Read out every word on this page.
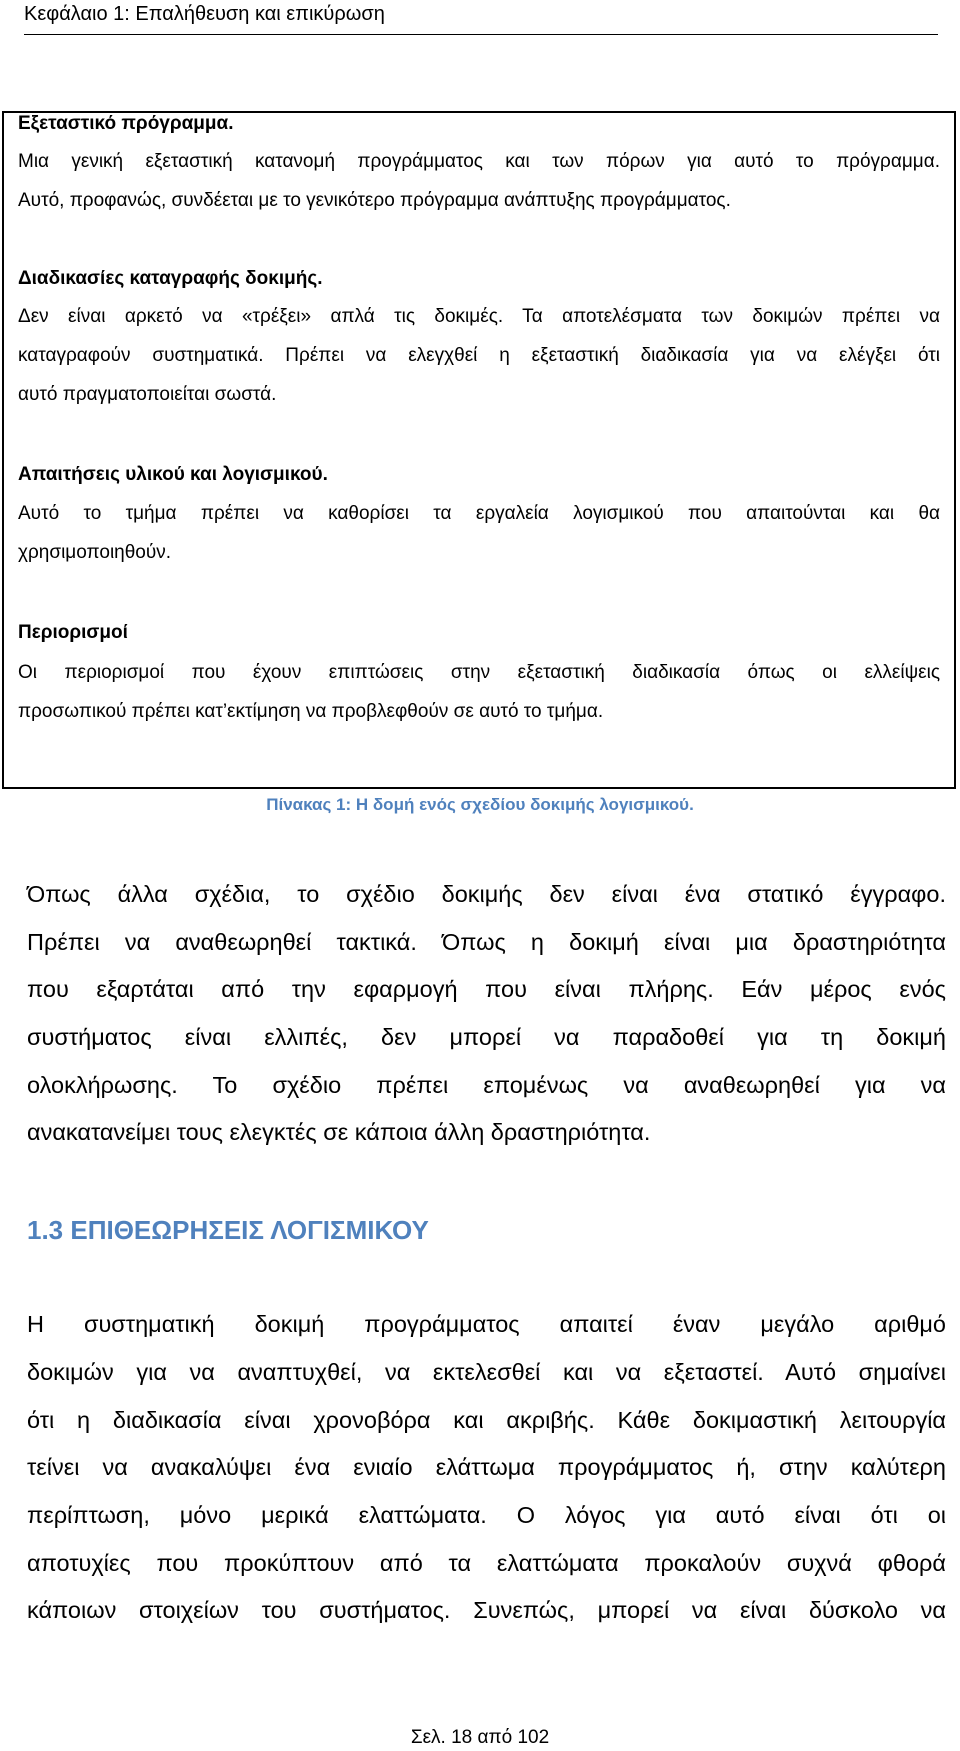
Κεφάλαιο 1: Επαλήθευση και επικύρωση
Εξεταστικό πρόγραμμα.
Μια γενική εξεταστική κατανομή προγράμματος και των πόρων για αυτό το πρόγραμμα.
Αυτό, προφανώς, συνδέεται με το γενικότερο πρόγραμμα ανάπτυξης προγράμματος.
Διαδικασίες καταγραφής δοκιμής.
Δεν είναι αρκετό να «τρέξει» απλά τις δοκιμές. Τα αποτελέσματα των δοκιμών πρέπει να
καταγραφούν συστηματικά. Πρέπει να ελεγχθεί η εξεταστική διαδικασία για να ελέγξει ότι
αυτό πραγματοποιείται σωστά.
Απαιτήσεις υλικού και λογισμικού.
Αυτό το τμήμα πρέπει να καθορίσει τα εργαλεία λογισμικού που απαιτούνται και θα
χρησιμοποιηθούν.
Περιορισμοί
Οι περιορισμοί που έχουν επιπτώσεις στην εξεταστική διαδικασία όπως οι ελλείψεις
προσωπικού πρέπει κατ’εκτίμηση να προβλεφθούν σε αυτό το τμήμα.
Πίνακας 1: Η δομή ενός σχεδίου δοκιμής λογισμικού.
Όπως άλλα σχέδια, το σχέδιο δοκιμής δεν είναι ένα στατικό έγγραφο.
Πρέπει να αναθεωρηθεί τακτικά. Όπως η δοκιμή είναι μια δραστηριότητα
που εξαρτάται από την εφαρμογή που είναι πλήρης. Εάν μέρος ενός
συστήματος είναι ελλιπές, δεν μπορεί να παραδοθεί για τη δοκιμή
ολοκλήρωσης. Το σχέδιο πρέπει επομένως να αναθεωρηθεί για να
ανακατανείμει τους ελεγκτές σε κάποια άλλη δραστηριότητα.
1.3 ΕΠΙΘΕΩΡΗΣΕΙΣ ΛΟΓΙΣΜΙΚΟΥ
Η συστηματική δοκιμή προγράμματος απαιτεί έναν μεγάλο αριθμό
δοκιμών για να αναπτυχθεί, να εκτελεσθεί και να εξεταστεί. Αυτό σημαίνει
ότι η διαδικασία είναι χρονοβόρα και ακριβής. Κάθε δοκιμαστική λειτουργία
τείνει να ανακαλύψει ένα ενιαίο ελάττωμα προγράμματος ή, στην καλύτερη
περίπτωση, μόνο μερικά ελαττώματα. Ο λόγος για αυτό είναι ότι οι
αποτυχίες που προκύπτουν από τα ελαττώματα προκαλούν συχνά φθορά
κάποιων στοιχείων του συστήματος. Συνεπώς, μπορεί να είναι δύσκολο να
Σελ. 18 από 102
